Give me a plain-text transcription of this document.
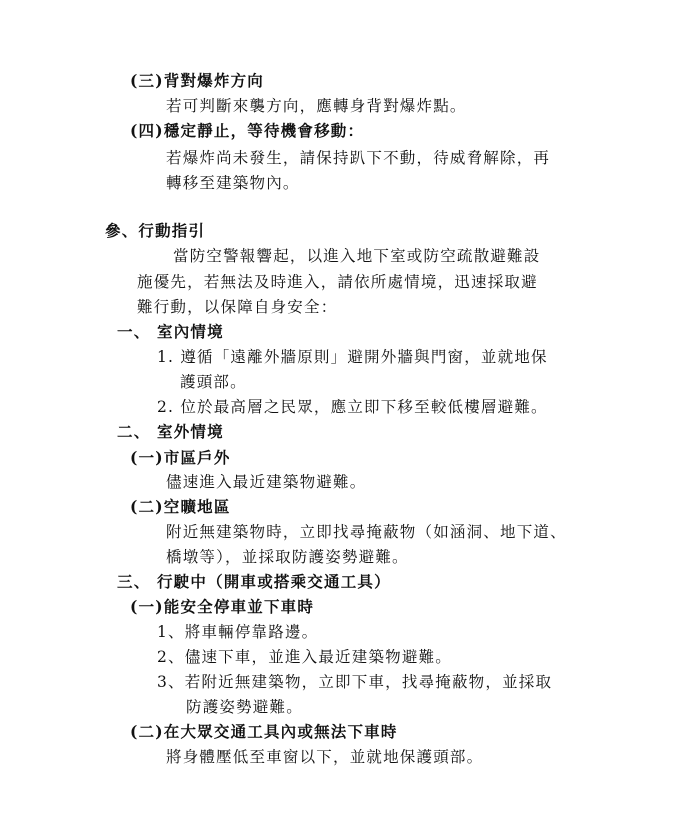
(三)背對爆炸方向
若可判斷來襲方向，應轉身背對爆炸點。
(四)穩定靜止，等待機會移動：
若爆炸尚未發生，請保持趴下不動，待威脅解除，再
轉移至建築物內。
參、行動指引
當防空警報響起，以進入地下室或防空疏散避難設
施優先，若無法及時進入，請依所處情境，迅速採取避
難行動，以保障自身安全：
一、 室內情境
1. 遵循「遠離外牆原則」避開外牆與門窗，並就地保
護頭部。
2. 位於最高層之民眾，應立即下移至較低樓層避難。
二、 室外情境
(一)市區戶外
儘速進入最近建築物避難。
(二)空曠地區
附近無建築物時，立即找尋掩蔽物（如涵洞、地下道、
橋墩等），並採取防護姿勢避難。
三、 行駛中（開車或搭乘交通工具）
(一)能安全停車並下車時
1、將車輛停靠路邊。
2、儘速下車，並進入最近建築物避難。
3、若附近無建築物，立即下車，找尋掩蔽物，並採取
防護姿勢避難。
(二)在大眾交通工具內或無法下車時
將身體壓低至車窗以下，並就地保護頭部。
